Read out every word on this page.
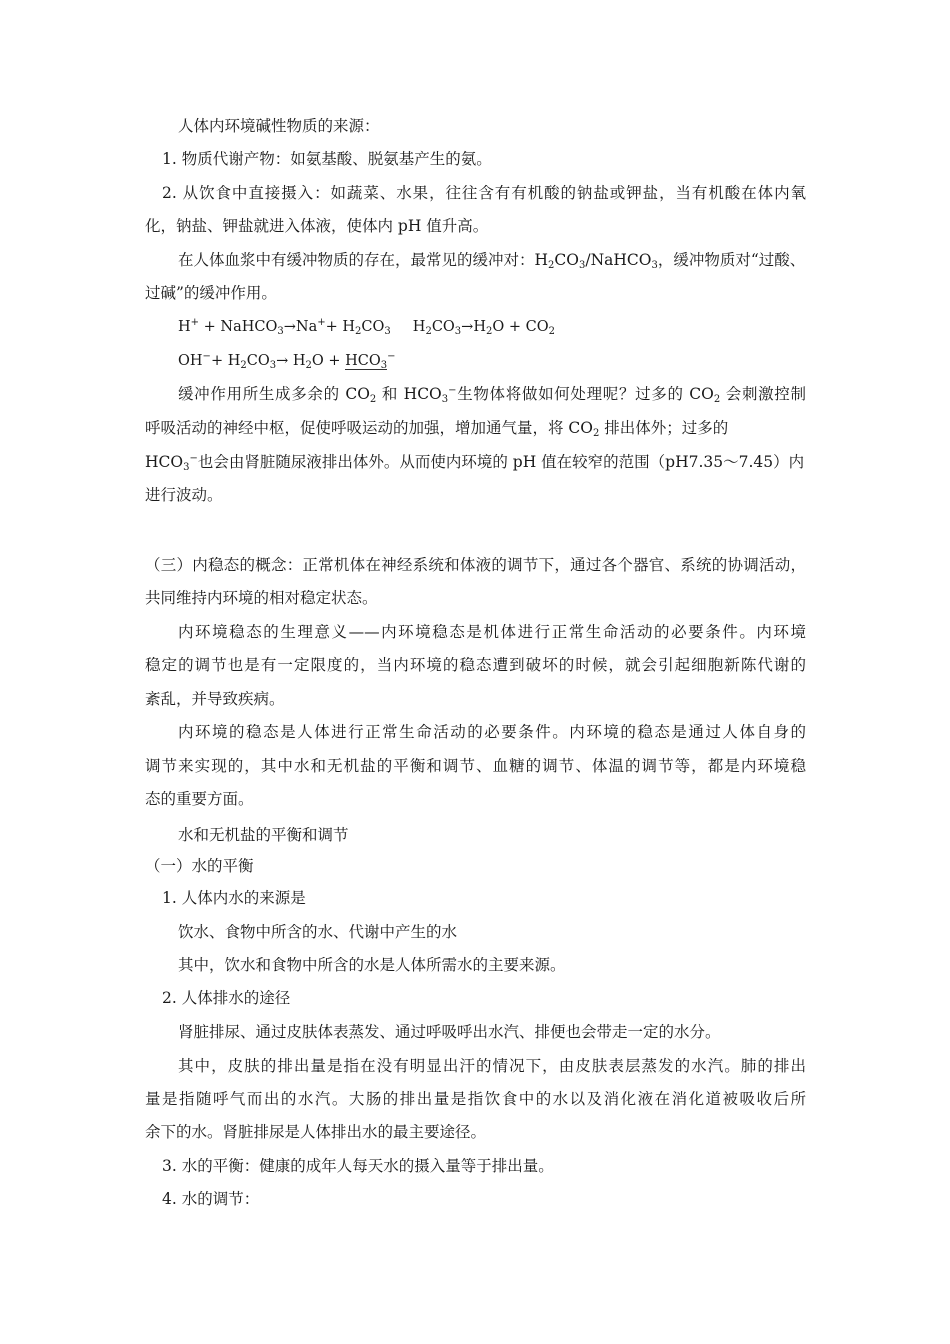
人体内环境碱性物质的来源：
1. 物质代谢产物：如氨基酸、脱氨基产生的氨。
2. 从饮食中直接摄入：如蔬菜、水果，往往含有有机酸的钠盐或钾盐，当有机酸在体内氧
化，钠盐、钾盐就进入体液，使体内 pH 值升高。
在人体血浆中有缓冲物质的存在，最常见的缓冲对：$H_2CO_3/NaHCO_3$，缓冲物质对“过酸、
过碱”的缓冲作用。
H+ + NaHCO$_3$→Na++ $H_2CO_3$ $H_2CO_3\to H_2O + CO_2$
$OH^-+ H_2CO_3\to H_2O + HCO_3^-$
缓冲作用所生成多余的 $CO_2$ 和 $HCO_3^-$生物体将做如何处理呢？过多的 $CO_2$ 会刺激控制
呼吸活动的神经中枢，促使呼吸运动的加强，增加通气量，将 $CO_2$ 排出体外；过多的
$HCO_3^-$也会由肾脏随尿液排出体外。从而使内环境的 pH 值在较窄的范围（pH7.35～7.45）内
进行波动。
（三）内稳态的概念：正常机体在神经系统和体液的调节下，通过各个器官、系统的协调活动，
共同维持内环境的相对稳定状态。
内环境稳态的生理意义——内环境稳态是机体进行正常生命活动的必要条件。内环境
稳定的调节也是有一定限度的，当内环境的稳态遭到破坏的时候，就会引起细胞新陈代谢的
紊乱，并导致疾病。
内环境的稳态是人体进行正常生命活动的必要条件。内环境的稳态是通过人体自身的
调节来实现的，其中水和无机盐的平衡和调节、血糖的调节、体温的调节等，都是内环境稳
态的重要方面。
水和无机盐的平衡和调节
（一）水的平衡
1. 人体内水的来源是
饮水、食物中所含的水、代谢中产生的水
其中，饮水和食物中所含的水是人体所需水的主要来源。
2. 人体排水的途径
肾脏排尿、通过皮肤体表蒸发、通过呼吸呼出水汽、排便也会带走一定的水分。
其中，皮肤的排出量是指在没有明显出汗的情况下，由皮肤表层蒸发的水汽。肺的排出
量是指随呼气而出的水汽。大肠的排出量是指饮食中的水以及消化液在消化道被吸收后所
余下的水。肾脏排尿是人体排出水的最主要途径。
3. 水的平衡：健康的成年人每天水的摄入量等于排出量。
4. 水的调节：
